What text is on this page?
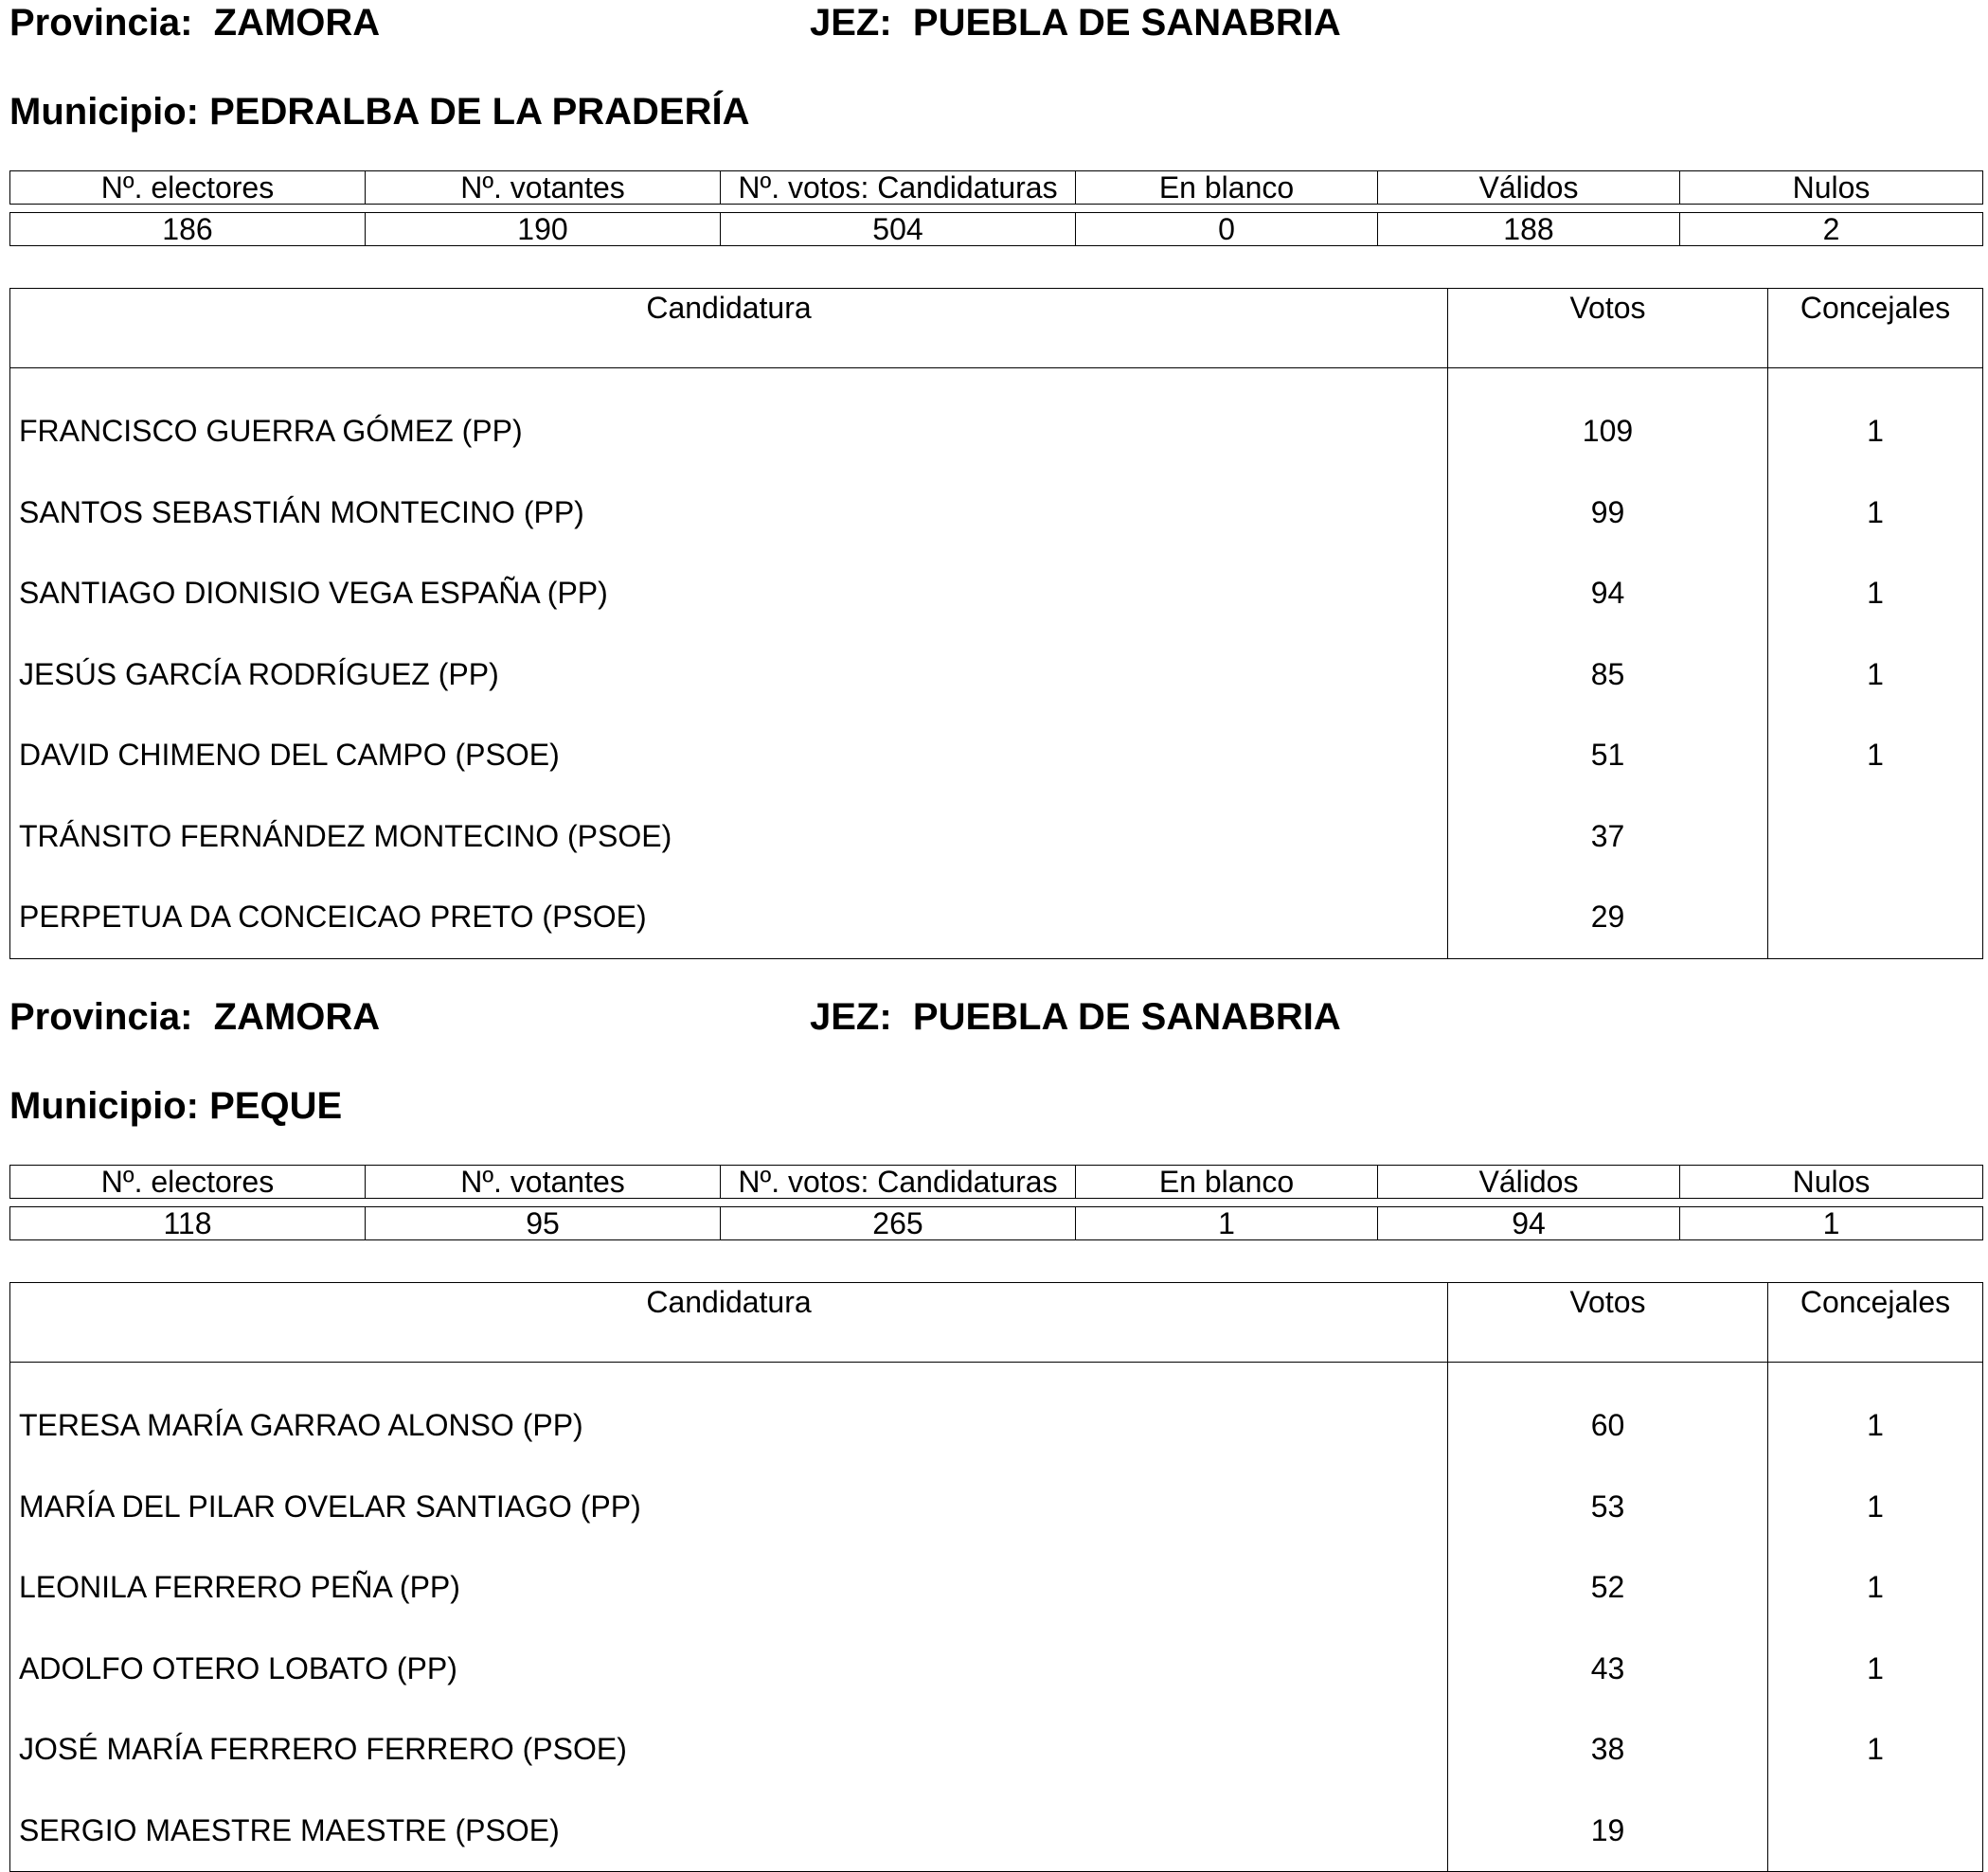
Provincia: ZAMORA	JEZ: PUEBLA DE SANABRIA
Municipio: PEDRALBA DE LA PRADERÍA
Nº. electores	Nº. votantes	Nº. votos: Candidaturas	En blanco	Válidos	Nulos
186	190	504	0	188	2
Candidatura	Votos	Concejales
FRANCISCO GUERRA GÓMEZ (PP)	109	1
SANTOS SEBASTIÁN MONTECINO (PP)	99	1
SANTIAGO DIONISIO VEGA ESPAÑA (PP)	94	1
JESÚS GARCÍA RODRÍGUEZ (PP)	85	1
DAVID CHIMENO DEL CAMPO (PSOE)	51	1
TRÁNSITO FERNÁNDEZ MONTECINO (PSOE)	37	
PERPETUA DA CONCEICAO PRETO (PSOE)	29	
Provincia: ZAMORA	JEZ: PUEBLA DE SANABRIA
Municipio: PEQUE
Nº. electores	Nº. votantes	Nº. votos: Candidaturas	En blanco	Válidos	Nulos
118	95	265	1	94	1
Candidatura	Votos	Concejales
TERESA MARÍA GARRAO ALONSO (PP)	60	1
MARÍA DEL PILAR OVELAR SANTIAGO (PP)	53	1
LEONILA FERRERO PEÑA (PP)	52	1
ADOLFO OTERO LOBATO (PP)	43	1
JOSÉ MARÍA FERRERO FERRERO (PSOE)	38	1
SERGIO MAESTRE MAESTRE (PSOE)	19	
